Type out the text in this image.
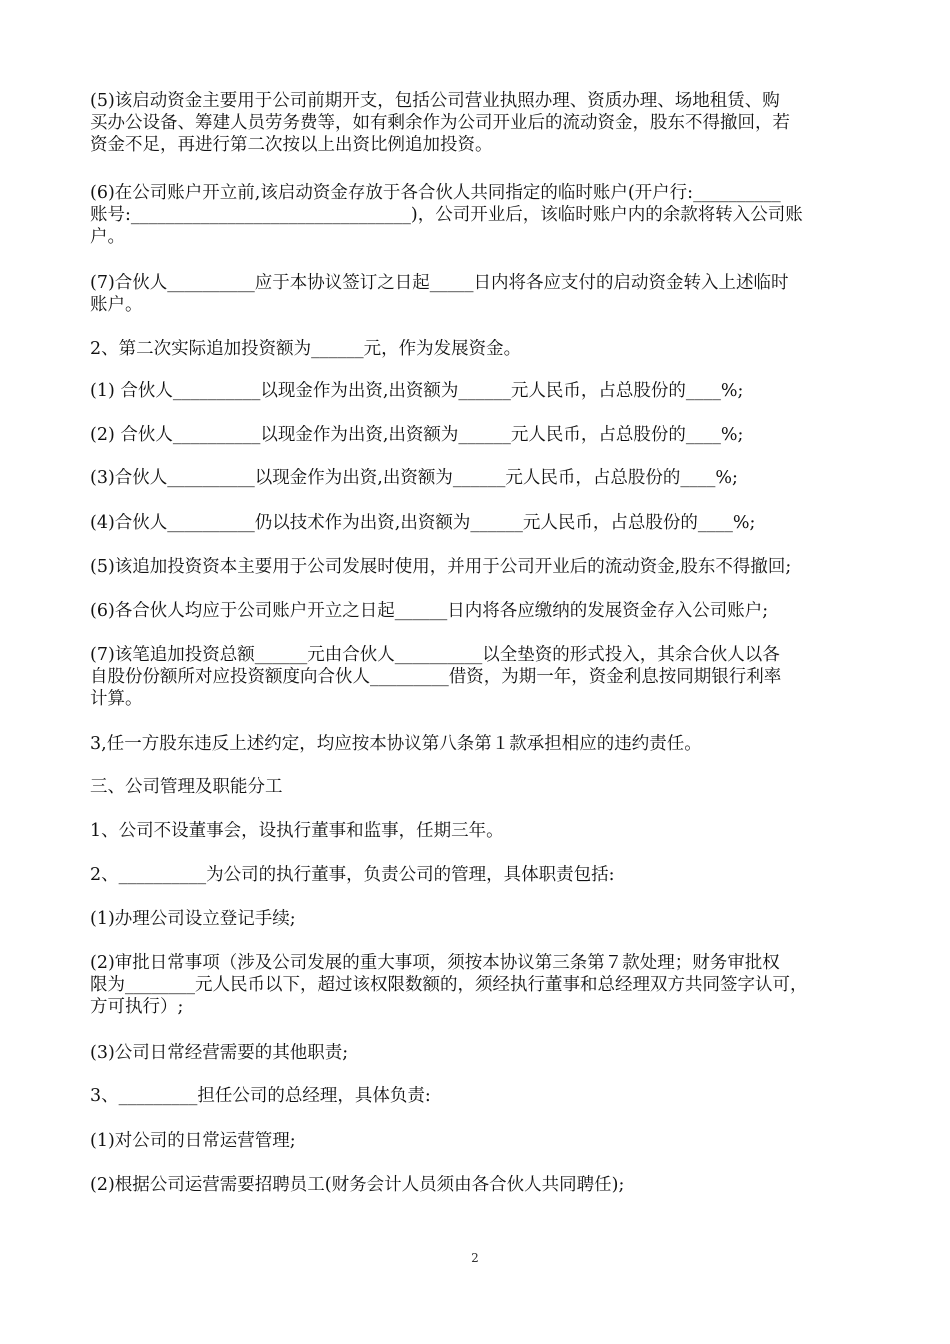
(5)该启动资金主要用于公司前期开支，包括公司营业执照办理、资质办理、场地租赁、购
买办公设备、筹建人员劳务费等，如有剩余作为公司开业后的流动资金，股东不得撤回，若
资金不足，再进行第二次按以上出资比例追加投资。
(6)在公司账户开立前,该启动资金存放于各合伙人共同指定的临时账户(开户行:__________
账号:________________________________)，公司开业后，该临时账户内的余款将转入公司账
户。
(7)合伙人__________应于本协议签订之日起_____日内将各应支付的启动资金转入上述临时
账户。
2、第二次实际追加投资额为______元，作为发展资金。
(1) 合伙人__________以现金作为出资,出资额为______元人民币，占总股份的____%;
(2) 合伙人__________以现金作为出资,出资额为______元人民币，占总股份的____%;
(3)合伙人__________以现金作为出资,出资额为______元人民币，占总股份的____%;
(4)合伙人__________仍以技术作为出资,出资额为______元人民币，占总股份的____%;
(5)该追加投资资本主要用于公司发展时使用，并用于公司开业后的流动资金,股东不得撤回;
(6)各合伙人均应于公司账户开立之日起______日内将各应缴纳的发展资金存入公司账户;
(7)该笔追加投资总额______元由合伙人__________以全垫资的形式投入，其余合伙人以各
自股份份额所对应投资额度向合伙人_________借资，为期一年，资金利息按同期银行利率
计算。
3,任一方股东违反上述约定，均应按本协议第八条第１款承担相应的违约责任。
三、公司管理及职能分工
1、公司不设董事会，设执行董事和监事，任期三年。
2、__________为公司的执行董事，负责公司的管理，具体职责包括:
(1)办理公司设立登记手续;
(2)审批日常事项（涉及公司发展的重大事项，须按本协议第三条第７款处理；财务审批权
限为________元人民币以下，超过该权限数额的，须经执行董事和总经理双方共同签字认可，
方可执行）;
(3)公司日常经营需要的其他职责;
3、_________担任公司的总经理，具体负责:
(1)对公司的日常运营管理;
(2)根据公司运营需要招聘员工(财务会计人员须由各合伙人共同聘任);
2
